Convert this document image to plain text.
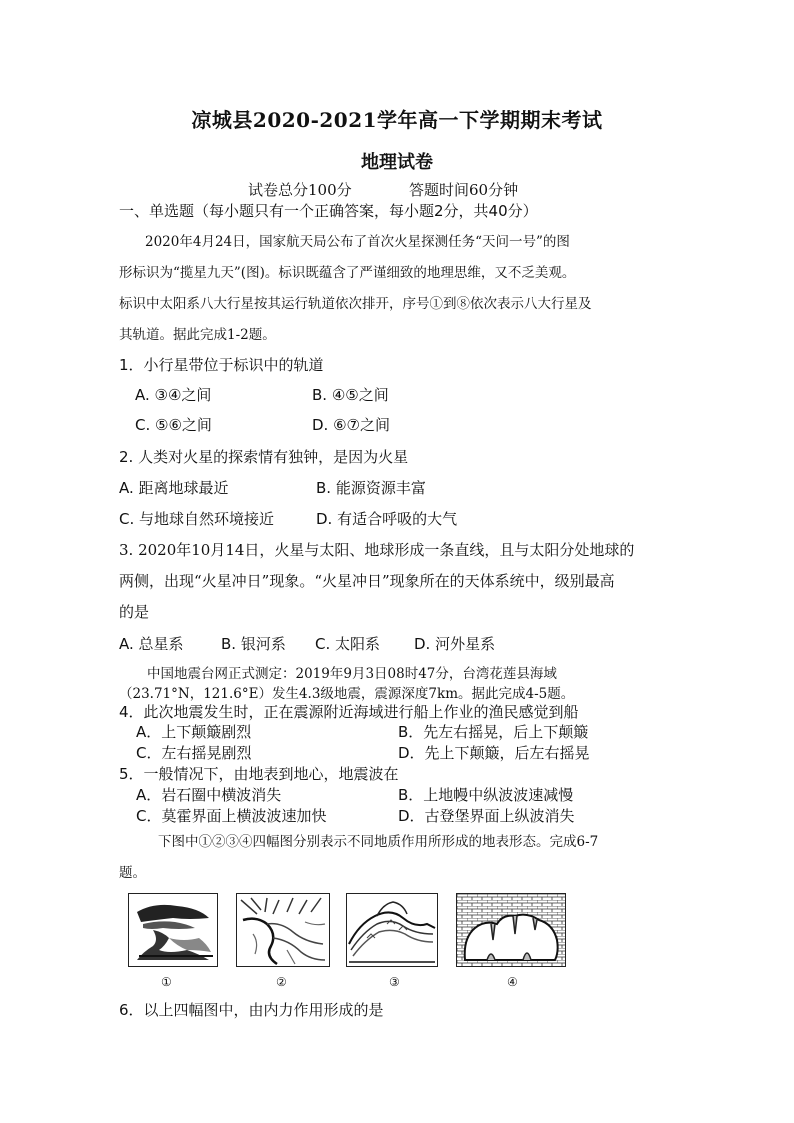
凉城县2020-2021学年高一下学期期末考试
地理试卷
试卷总分100分	答题时间60分钟
一、单选题（每小题只有一个正确答案，每小题2分，共40分）
2020年4月24日，国家航天局公布了首次火星探测任务“天问一号”的图
形标识为“揽星九天”(图)。标识既蕴含了严谨细致的地理思维，又不乏美观。
标识中太阳系八大行星按其运行轨道依次排开，序号①到⑧依次表示八大行星及
其轨道。据此完成1-2题。
1．小行星带位于标识中的轨道
A. ③④之间	B. ④⑤之间
C. ⑤⑥之间	D. ⑥⑦之间
2. 人类对火星的探索情有独钟，是因为火星
A. 距离地球最近	B. 能源资源丰富
C. 与地球自然环境接近	D. 有适合呼吸的大气
3. 2020年10月14日，火星与太阳、地球形成一条直线，且与太阳分处地球的
两侧，出现“火星冲日”现象。“火星冲日”现象所在的天体系统中，级别最高
的是
A. 总星系 B. 银河系 C. 太阳系 D. 河外星系
中国地震台网正式测定：2019年9月3日08时47分，台湾花莲县海域
（23.71°N，121.6°E）发生4.3级地震，震源深度7km。据此完成4-5题。
4．此次地震发生时，正在震源附近海域进行船上作业的渔民感觉到船
A．上下颠簸剧烈	B．先左右摇晃，后上下颠簸
C．左右摇晃剧烈	D．先上下颠簸，后左右摇晃
5．一般情况下，由地表到地心，地震波在
A．岩石圈中横波消失	B．上地幔中纵波波速减慢
C．莫霍界面上横波波速加快	D．古登堡界面上纵波消失
下图中①②③④四幅图分别表示不同地质作用所形成的地表形态。完成6-7
题。
①	②	③	④
6．以上四幅图中，由内力作用形成的是
